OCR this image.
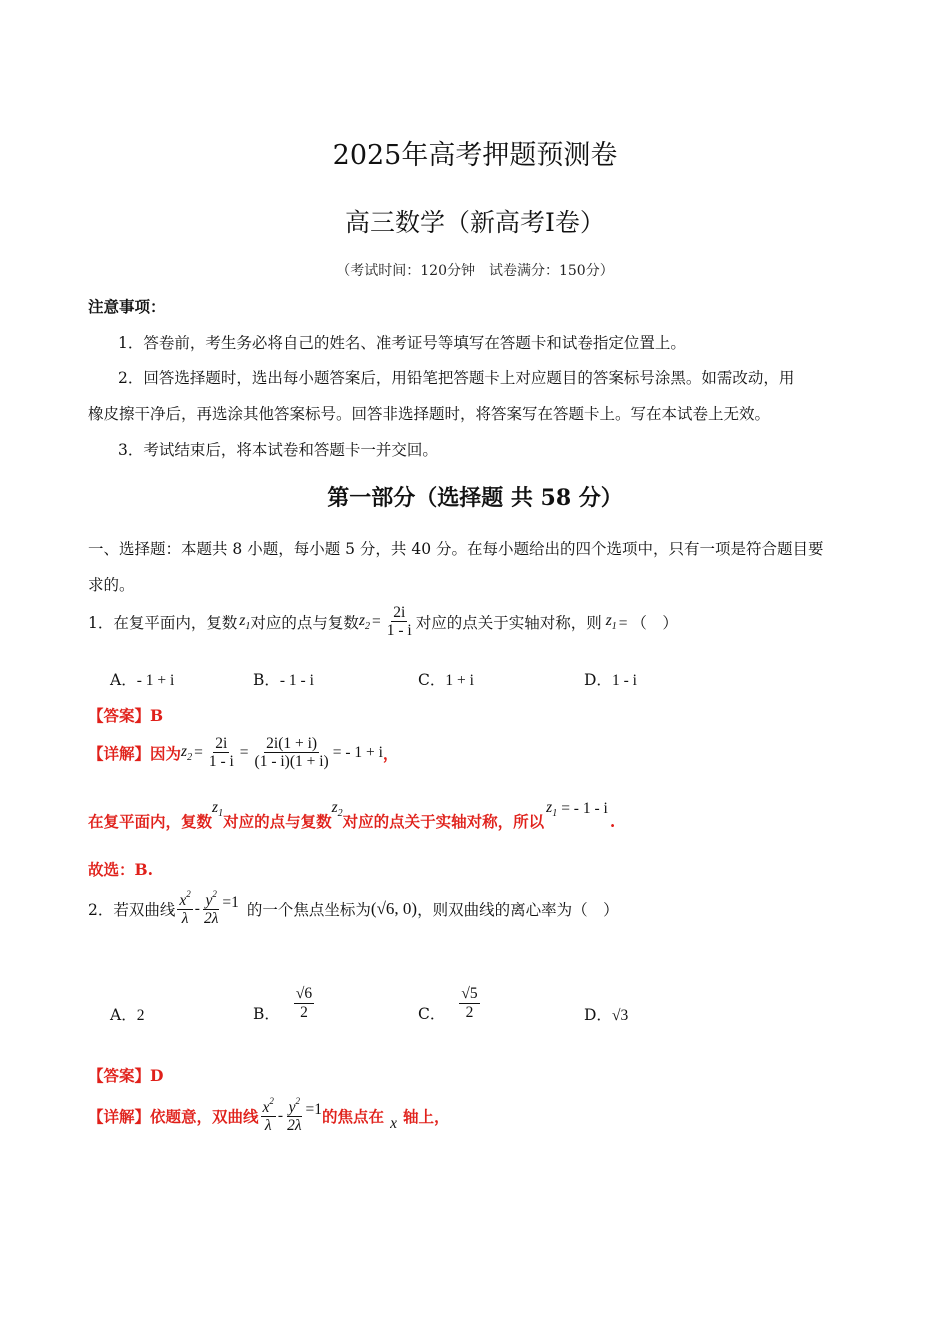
2025年高考押题预测卷
高三数学（新高考Ⅰ卷）
（考试时间：120分钟　试卷满分：150分）
注意事项：
1．答卷前，考生务必将自己的姓名、准考证号等填写在答题卡和试卷指定位置上。
2．回答选择题时，选出每小题答案后，用铅笔把答题卡上对应题目的答案标号涂黑。如需改动，用
橡皮擦干净后，再选涂其他答案标号。回答非选择题时，将答案写在答题卡上。写在本试卷上无效。
3．考试结束后，将本试卷和答题卡一并交回。
第一部分（选择题 共 58 分）
一、选择题：本题共 8 小题，每小题 5 分，共 40 分。在每小题给出的四个选项中，只有一项是符合题目要
求的。
1．在复平面内，复数 $z_1$ 对应的点与复数 $z_2 = \frac{2i}{1 - i}$ 对应的点关于实轴对称，则 $z_1$ = （　）
A．- 1 + i	B．- 1 - i	C．1 + i	D．1 - i
【答案】B
【详解】因为 $z_2 = \frac{2i}{1 - i} = \frac{2i(1 + i)}{(1 - i)(1 + i)}$ = - 1 + i ，
在复平面内，复数
$z_1$ 对应的点与复数
$z_2$ 对应的点关于实轴对称，所以
$z_1$ = - 1 - i
.
故选：B.
2．若双曲线 $\frac{x^2}{\lambda} - \frac{y^2}{2\lambda} =1$ 的一个焦点坐标为 (√6, 0) ，则双曲线的离心率为（　）
A．2	B． $\frac{√6}{2}$	C． $\frac{√5}{2}$	D．√3
【答案】D
【详解】依题意，双曲线 $\frac{x^2}{\lambda} - \frac{y^2}{2\lambda} =1$ 的焦点在 x 轴上，
